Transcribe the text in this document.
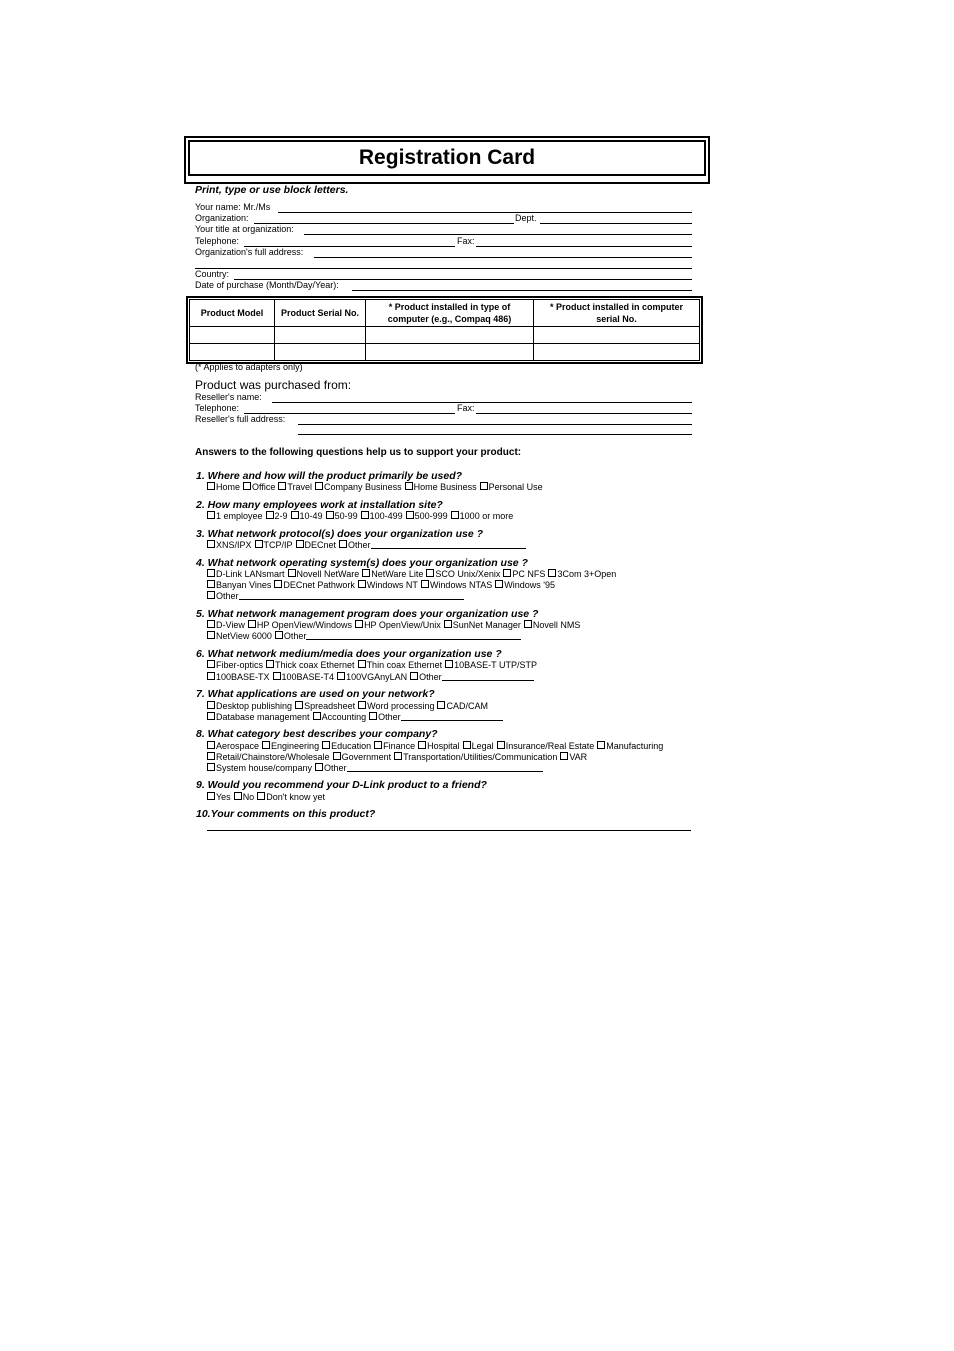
Registration Card
Print, type or use block letters.
Your name: Mr./Ms
Organization:	Dept.
Your title at organization:
Telephone:	Fax:
Organization's full address:
Country:
Date of purchase (Month/Day/Year):
Product Model	Product Serial No.	* Product installed in type of computer (e.g., Compaq 486)	* Product installed in computer serial No.

(* Applies to adapters only)
Product was purchased from:
Reseller's name:
Telephone:	Fax:
Reseller's full address:
Answers to the following questions help us to support your product:
1. Where and how will the product primarily be used?
Home Office Travel Company Business Home Business Personal Use
2. How many employees work at installation site?
1 employee 2-9 10-49 50-99 100-499 500-999 1000 or more
3. What network protocol(s) does your organization use ?
XNS/IPX TCP/IP DECnet Other
4. What network operating system(s) does your organization use ?
D-Link LANsmart Novell NetWare NetWare Lite SCO Unix/Xenix PC NFS 3Com 3+Open
Banyan Vines DECnet Pathwork Windows NT Windows NTAS Windows '95
Other
5. What network management program does your organization use ?
D-View HP OpenView/Windows HP OpenView/Unix SunNet Manager Novell NMS
NetView 6000 Other
6. What network medium/media does your organization use ?
Fiber-optics Thick coax Ethernet Thin coax Ethernet 10BASE-T UTP/STP
100BASE-TX 100BASE-T4 100VGAnyLAN Other
7. What applications are used on your network?
Desktop publishing Spreadsheet Word processing CAD/CAM
Database management Accounting Other
8. What category best describes your company?
Aerospace Engineering Education Finance Hospital Legal Insurance/Real Estate Manufacturing
Retail/Chainstore/Wholesale Government Transportation/Utilities/Communication VAR
System house/company Other
9. Would you recommend your D-Link product to a friend?
Yes No Don't know yet
10.Your comments on this product?
